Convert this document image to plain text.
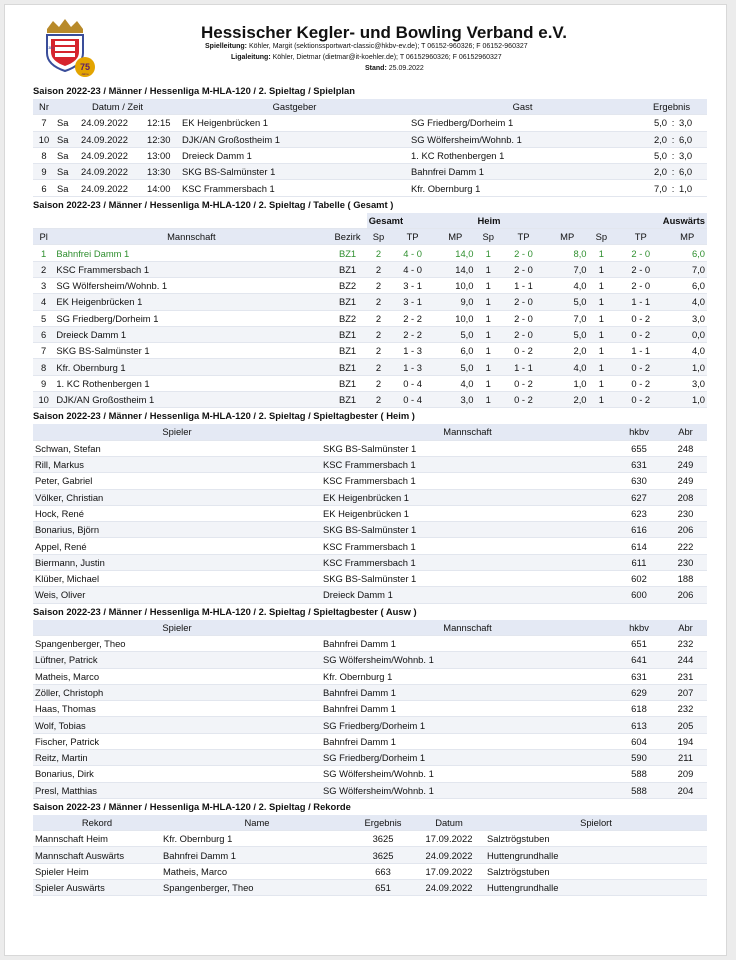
75
Jahre
KBV
Hessischer Kegler- und Bowling Verband e.V.
Spielleitung: Köhler, Margit (sektionssportwart-classic@hkbv-ev.de); T 06152-960326; F 06152-960327
Ligaleitung: Köhler, Dietmar (dietmar@it-koehler.de); T 06152960326; F 06152960327
Stand: 25.09.2022
Saison 2022-23 / Männer / Hessenliga M-HLA-120 / 2. Spieltag / Spielplan
Nr	Datum / Zeit			Gastgeber	Gast	Ergebnis		
7	Sa	24.09.2022	12:15	EK Heigenbrücken 1	SG Friedberg/Dorheim 1	5,0	:	3,0
10	Sa	24.09.2022	12:30	DJK/AN Großostheim 1	SG Wölfersheim/Wohnb. 1	2,0	:	6,0
8	Sa	24.09.2022	13:00	Dreieck Damm 1	1. KC Rothenbergen 1	5,0	:	3,0
9	Sa	24.09.2022	13:30	SKG BS-Salmünster 1	Bahnfrei Damm 1	2,0	:	6,0
6	Sa	24.09.2022	14:00	KSC Frammersbach 1	Kfr. Obernburg 1	7,0	:	1,0
Saison 2022-23 / Männer / Hessenliga M-HLA-120 / 2. Spieltag / Tabelle ( Gesamt )
			Gesamt			Heim			Auswärts		
Pl	Mannschaft	Bezirk	Sp	TP	MP	Sp	TP	MP	Sp	TP	MP
1	Bahnfrei Damm 1	BZ1	2	4 - 0	14,0	1	2 - 0	8,0	1	2 - 0	6,0
2	KSC Frammersbach 1	BZ1	2	4 - 0	14,0	1	2 - 0	7,0	1	2 - 0	7,0
3	SG Wölfersheim/Wohnb. 1	BZ2	2	3 - 1	10,0	1	1 - 1	4,0	1	2 - 0	6,0
4	EK Heigenbrücken 1	BZ1	2	3 - 1	9,0	1	2 - 0	5,0	1	1 - 1	4,0
5	SG Friedberg/Dorheim 1	BZ2	2	2 - 2	10,0	1	2 - 0	7,0	1	0 - 2	3,0
6	Dreieck Damm 1	BZ1	2	2 - 2	5,0	1	2 - 0	5,0	1	0 - 2	0,0
7	SKG BS-Salmünster 1	BZ1	2	1 - 3	6,0	1	0 - 2	2,0	1	1 - 1	4,0
8	Kfr. Obernburg 1	BZ1	2	1 - 3	5,0	1	1 - 1	4,0	1	0 - 2	1,0
9	1. KC Rothenbergen 1	BZ1	2	0 - 4	4,0	1	0 - 2	1,0	1	0 - 2	3,0
10	DJK/AN Großostheim 1	BZ1	2	0 - 4	3,0	1	0 - 2	2,0	1	0 - 2	1,0
Saison 2022-23 / Männer / Hessenliga M-HLA-120 / 2. Spieltag / Spieltagbester ( Heim )
Spieler	Mannschaft	hkbv	Abr
Schwan, Stefan	SKG BS-Salmünster 1	655	248
Rill, Markus	KSC Frammersbach 1	631	249
Peter, Gabriel	KSC Frammersbach 1	630	249
Völker, Christian	EK Heigenbrücken 1	627	208
Hock, René	EK Heigenbrücken 1	623	230
Bonarius, Björn	SKG BS-Salmünster 1	616	206
Appel, René	KSC Frammersbach 1	614	222
Biermann, Justin	KSC Frammersbach 1	611	230
Klüber, Michael	SKG BS-Salmünster 1	602	188
Weis, Oliver	Dreieck Damm 1	600	206
Saison 2022-23 / Männer / Hessenliga M-HLA-120 / 2. Spieltag / Spieltagbester ( Ausw )
Spieler	Mannschaft	hkbv	Abr
Spangenberger, Theo	Bahnfrei Damm 1	651	232
Lüftner, Patrick	SG Wölfersheim/Wohnb. 1	641	244
Matheis, Marco	Kfr. Obernburg 1	631	231
Zöller, Christoph	Bahnfrei Damm 1	629	207
Haas, Thomas	Bahnfrei Damm 1	618	232
Wolf, Tobias	SG Friedberg/Dorheim 1	613	205
Fischer, Patrick	Bahnfrei Damm 1	604	194
Reitz, Martin	SG Friedberg/Dorheim 1	590	211
Bonarius, Dirk	SG Wölfersheim/Wohnb. 1	588	209
Presl, Matthias	SG Wölfersheim/Wohnb. 1	588	204
Saison 2022-23 / Männer / Hessenliga M-HLA-120 / 2. Spieltag / Rekorde
Rekord	Name	Ergebnis	Datum	Spielort
Mannschaft Heim	Kfr. Obernburg 1	3625	17.09.2022	Salztrögstuben
Mannschaft Auswärts	Bahnfrei Damm 1	3625	24.09.2022	Huttengrundhalle
Spieler Heim	Matheis, Marco	663	17.09.2022	Salztrögstuben
Spieler Auswärts	Spangenberger, Theo	651	24.09.2022	Huttengrundhalle
